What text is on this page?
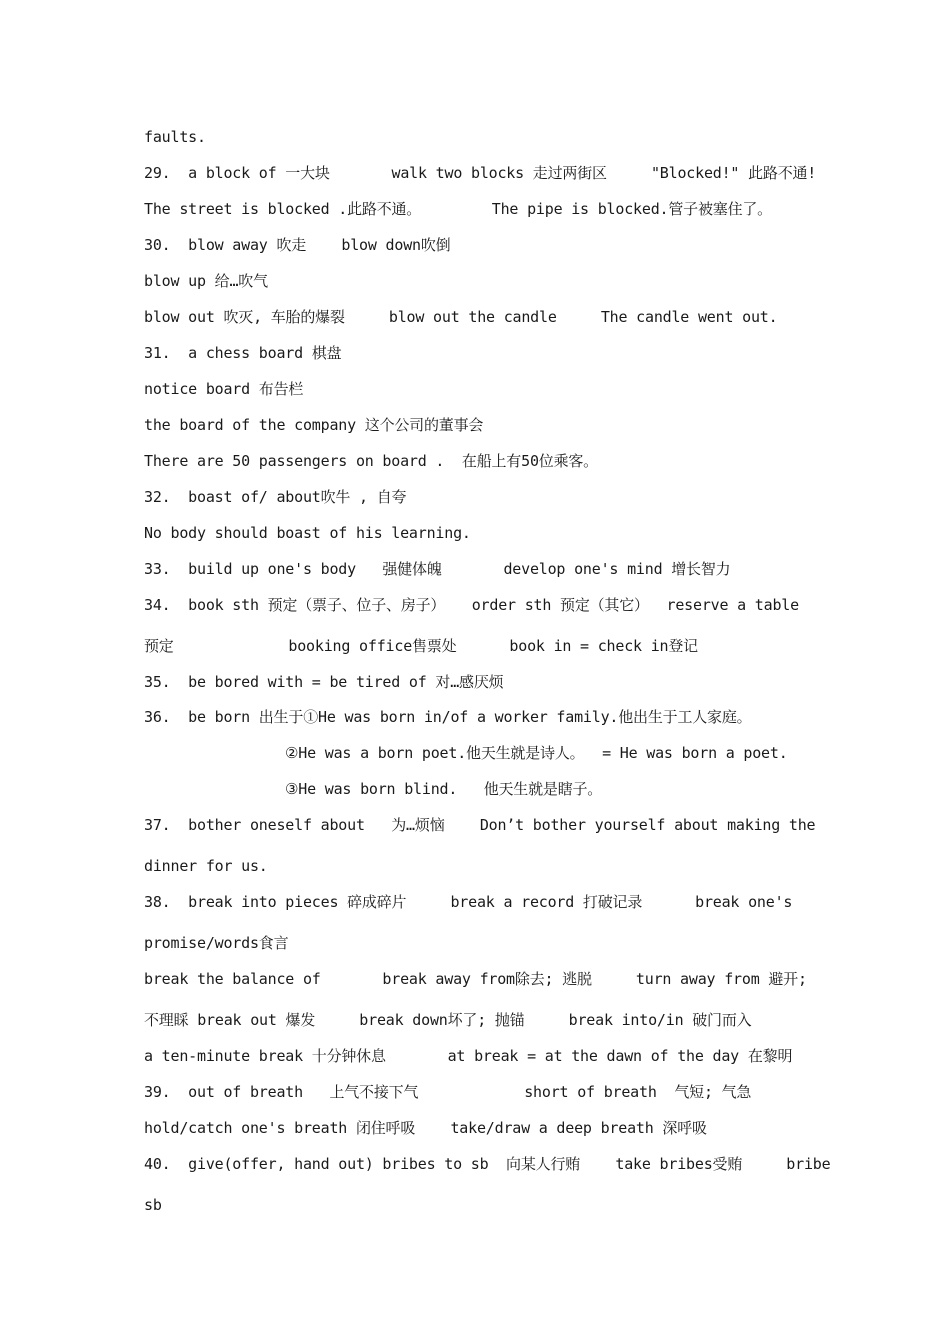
faults.
29.  a block of 一大块       walk two blocks 走过两街区     "Blocked!" 此路不通!
The street is blocked .此路不通。        The pipe is blocked.管子被塞住了。
30.  blow away 吹走    blow down吹倒
blow up 给…吹气
blow out 吹灭, 车胎的爆裂     blow out the candle     The candle went out.
31.  a chess board 棋盘
notice board 布告栏
the board of the company 这个公司的董事会
There are 50 passengers on board .  在船上有50位乘客。
32.  boast of/ about吹牛 , 自夸
No body should boast of his learning.
33.  build up one's body   强健体魄       develop one's mind 增长智力
34.  book sth 预定（票子、位子、房子）   order sth 预定（其它）  reserve a table
预定             booking office售票处      book in = check in登记
35.  be bored with = be tired of 对…感厌烦
36.  be born 出生于①He was born in/of a worker family.他出生于工人家庭。
②He was a born poet.他天生就是诗人。  = He was born a poet.
③He was born blind.   他天生就是瞎子。
37.  bother oneself about   为…烦恼    Don’t bother yourself about making the
dinner for us.
38.  break into pieces 碎成碎片     break a record 打破记录      break one's
promise/words食言
break the balance of       break away from除去; 逃脱     turn away from 避开;
不理睬 break out 爆发     break down坏了; 抛锚     break into/in 破门而入
a ten-minute break 十分钟休息       at break = at the dawn of the day 在黎明
39.  out of breath   上气不接下气            short of breath  气短; 气急
hold/catch one's breath 闭住呼吸    take/draw a deep breath 深呼吸
40.  give(offer, hand out) bribes to sb  向某人行贿    take bribes受贿     bribe
sb
